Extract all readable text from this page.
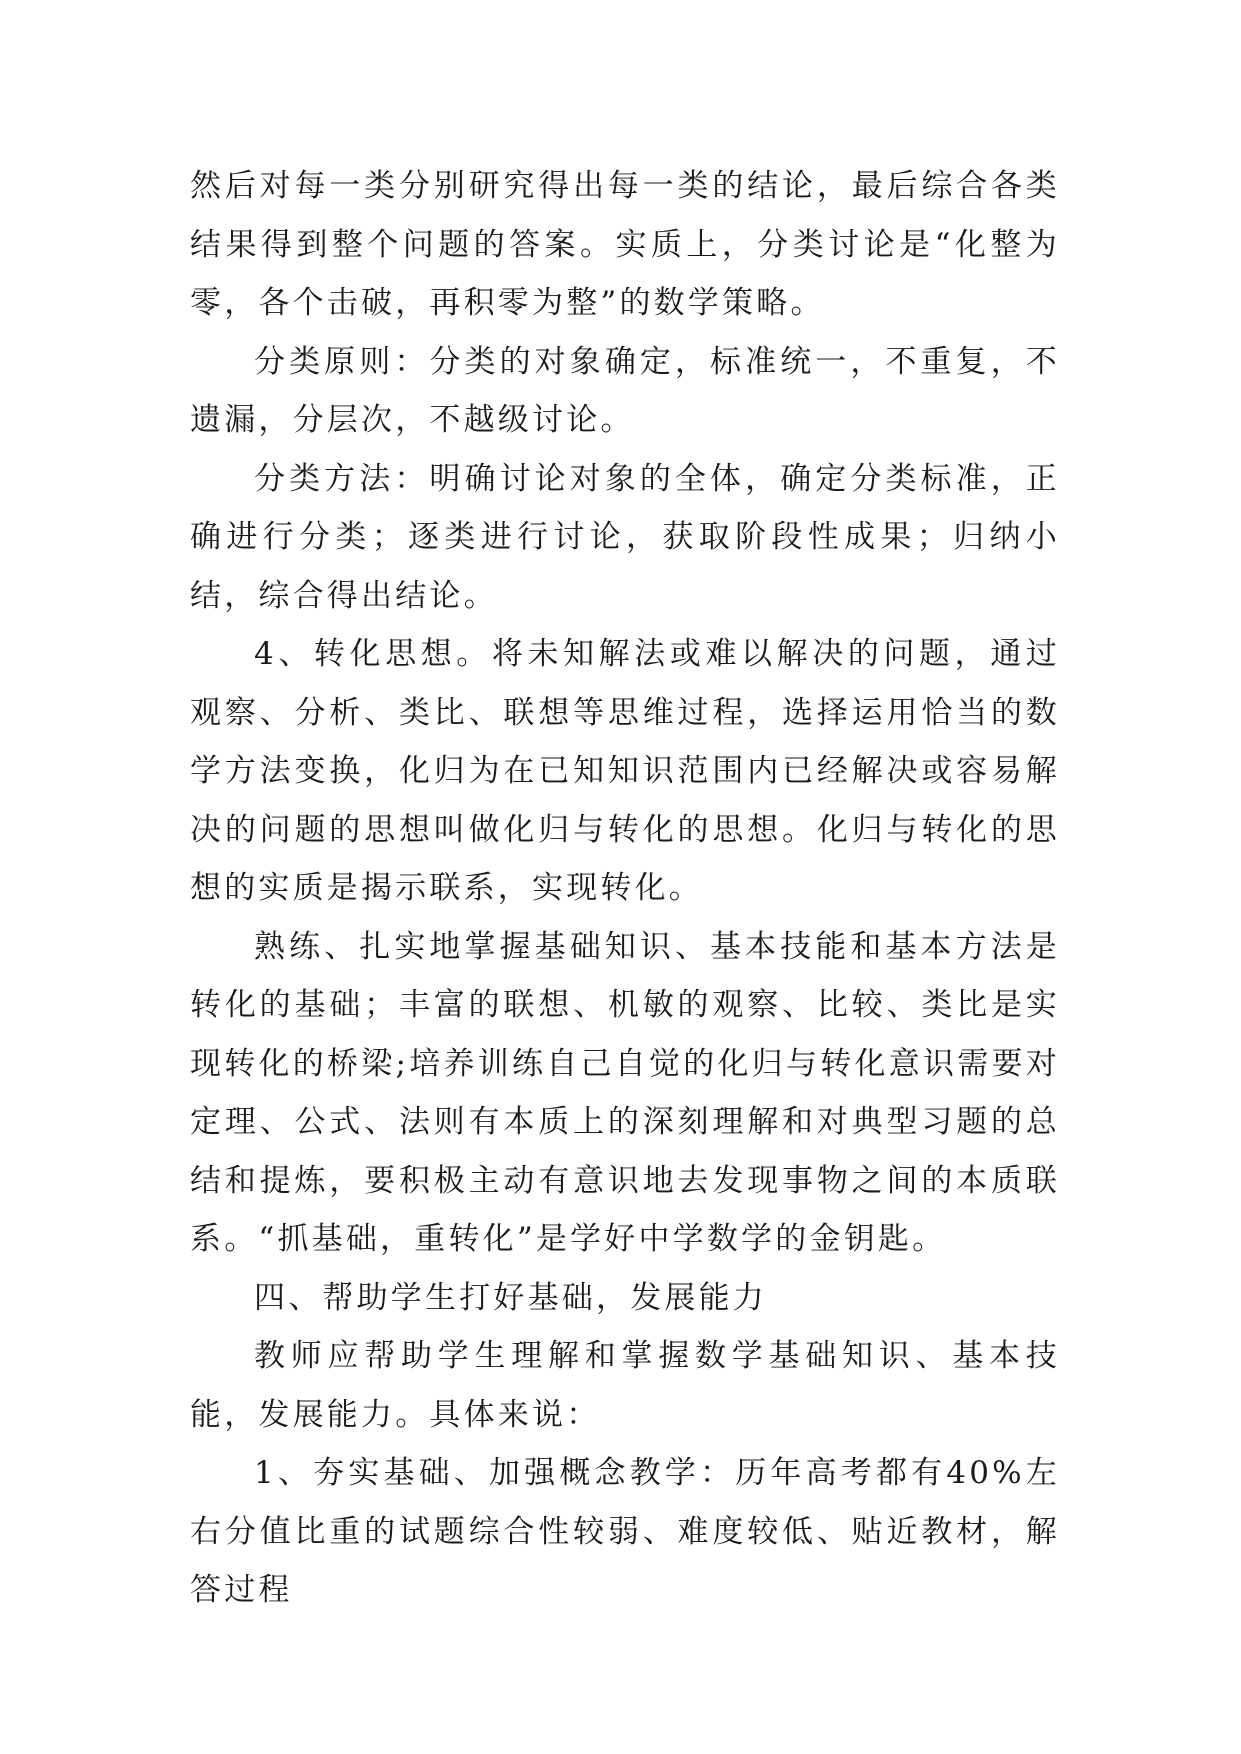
然后对每一类分别研究得出每一类的结论，最后综合各类结果得到整个问题的答案。实质上，分类讨论是“化整为零，各个击破，再积零为整”的数学策略。

分类原则：分类的对象确定，标准统一，不重复，不遗漏，分层次，不越级讨论。

分类方法：明确讨论对象的全体，确定分类标准，正确进行分类；逐类进行讨论，获取阶段性成果；归纳小结，综合得出结论。

4、转化思想。将未知解法或难以解决的问题，通过观察、分析、类比、联想等思维过程，选择运用恰当的数学方法变换，化归为在已知知识范围内已经解决或容易解决的问题的思想叫做化归与转化的思想。化归与转化的思想的实质是揭示联系，实现转化。

熟练、扎实地掌握基础知识、基本技能和基本方法是转化的基础；丰富的联想、机敏的观察、比较、类比是实现转化的桥梁;培养训练自己自觉的化归与转化意识需要对定理、公式、法则有本质上的深刻理解和对典型习题的总结和提炼，要积极主动有意识地去发现事物之间的本质联系。“抓基础，重转化”是学好中学数学的金钥匙。

四、帮助学生打好基础，发展能力

教师应帮助学生理解和掌握数学基础知识、基本技能，发展能力。具体来说：

1、夯实基础、加强概念教学：历年高考都有40%左右分值比重的试题综合性较弱、难度较低、贴近教材，解答过程
